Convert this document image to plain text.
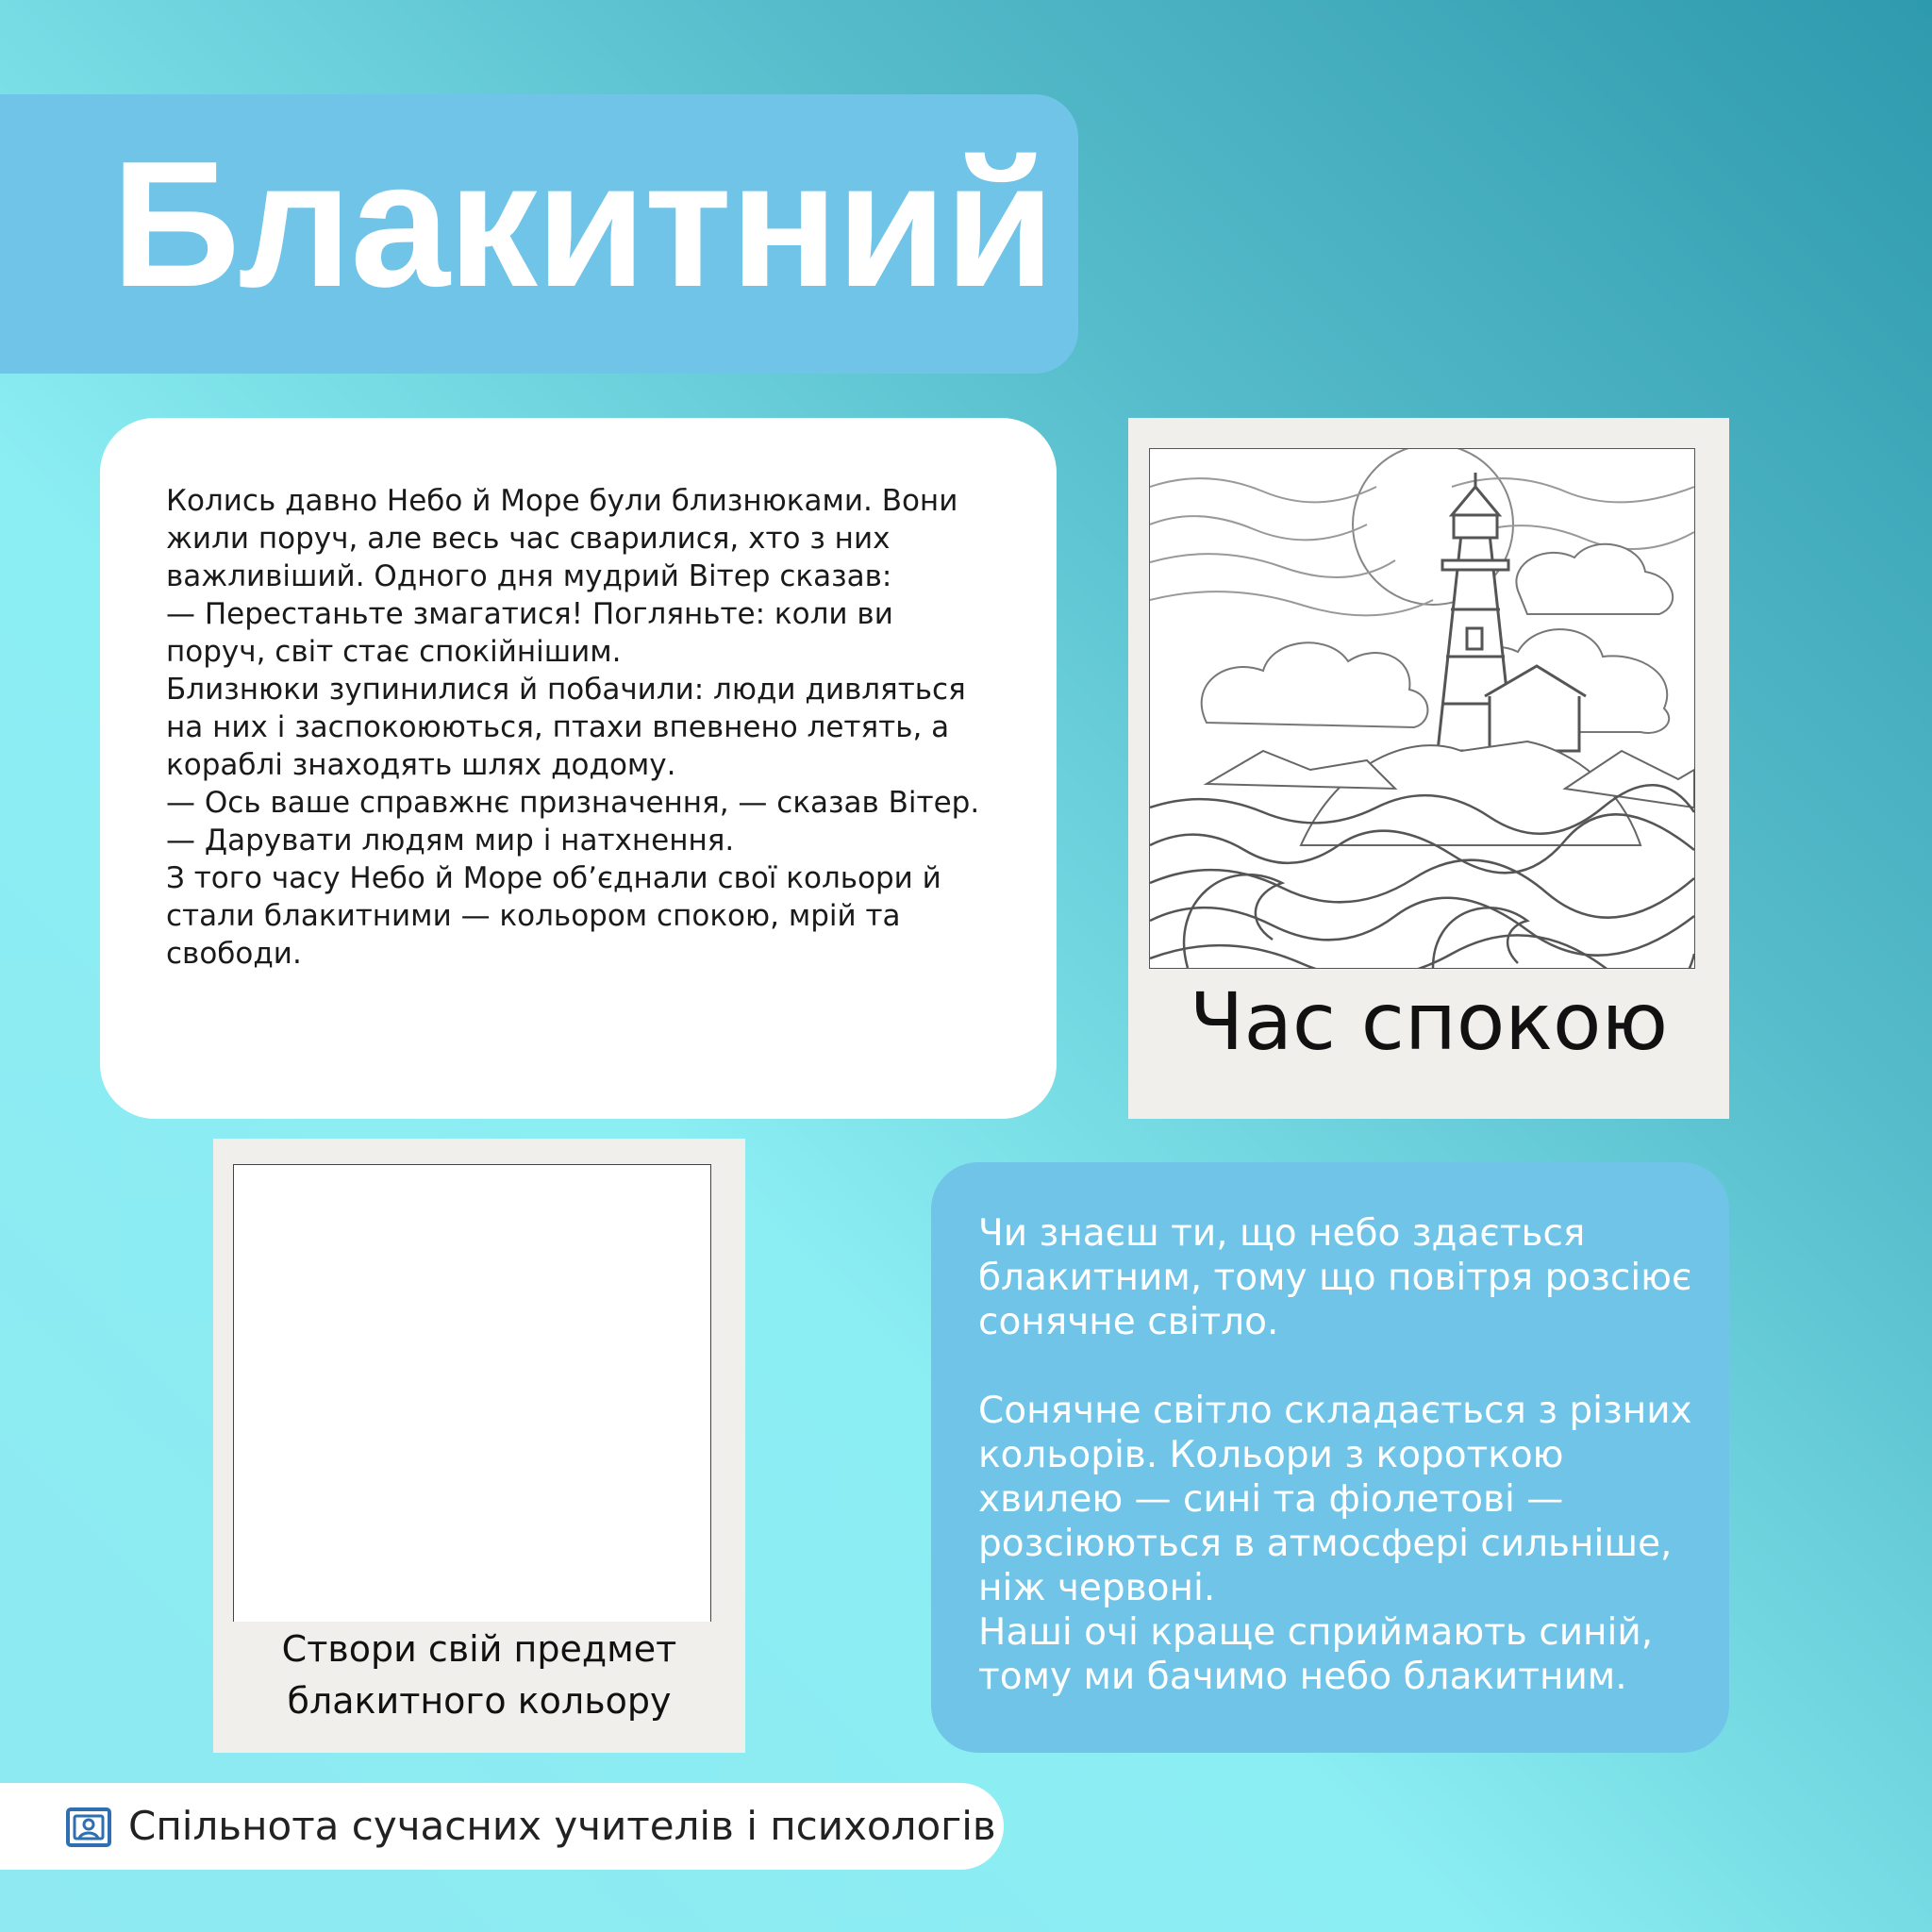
Блакитний

Колись давно Небо й Море були близнюками. Вони жили поруч, але весь час сварилися, хто з них важливіший. Одного дня мудрий Вітер сказав:

— Перестаньте змагатися! Погляньте: коли ви поруч, світ стає спокійнішим.

Близнюки зупинилися й побачили: люди дивляться на них і заспокоюються, птахи впевнено летять, а кораблі знаходять шлях додому.

— Ось ваше справжнє призначення, — сказав Вітер. — Дарувати людям мир і натхнення.

З того часу Небо й Море об’єднали свої кольори й стали блакитними — кольором спокою, мрій та свободи.

Час спокою
Створи свій предмет
блакитного кольору

Чи знаєш ти, що небо здається блакитним, тому що повітря розсіює сонячне світло.

Сонячне світло складається з різних кольорів. Кольори з короткою хвилею — сині та фіолетові — розсіюються в атмосфері сильніше, ніж червоні.

Наші очі краще сприймають синій, тому ми бачимо небо блакитним.

Спільнота сучасних учителів і психологів
